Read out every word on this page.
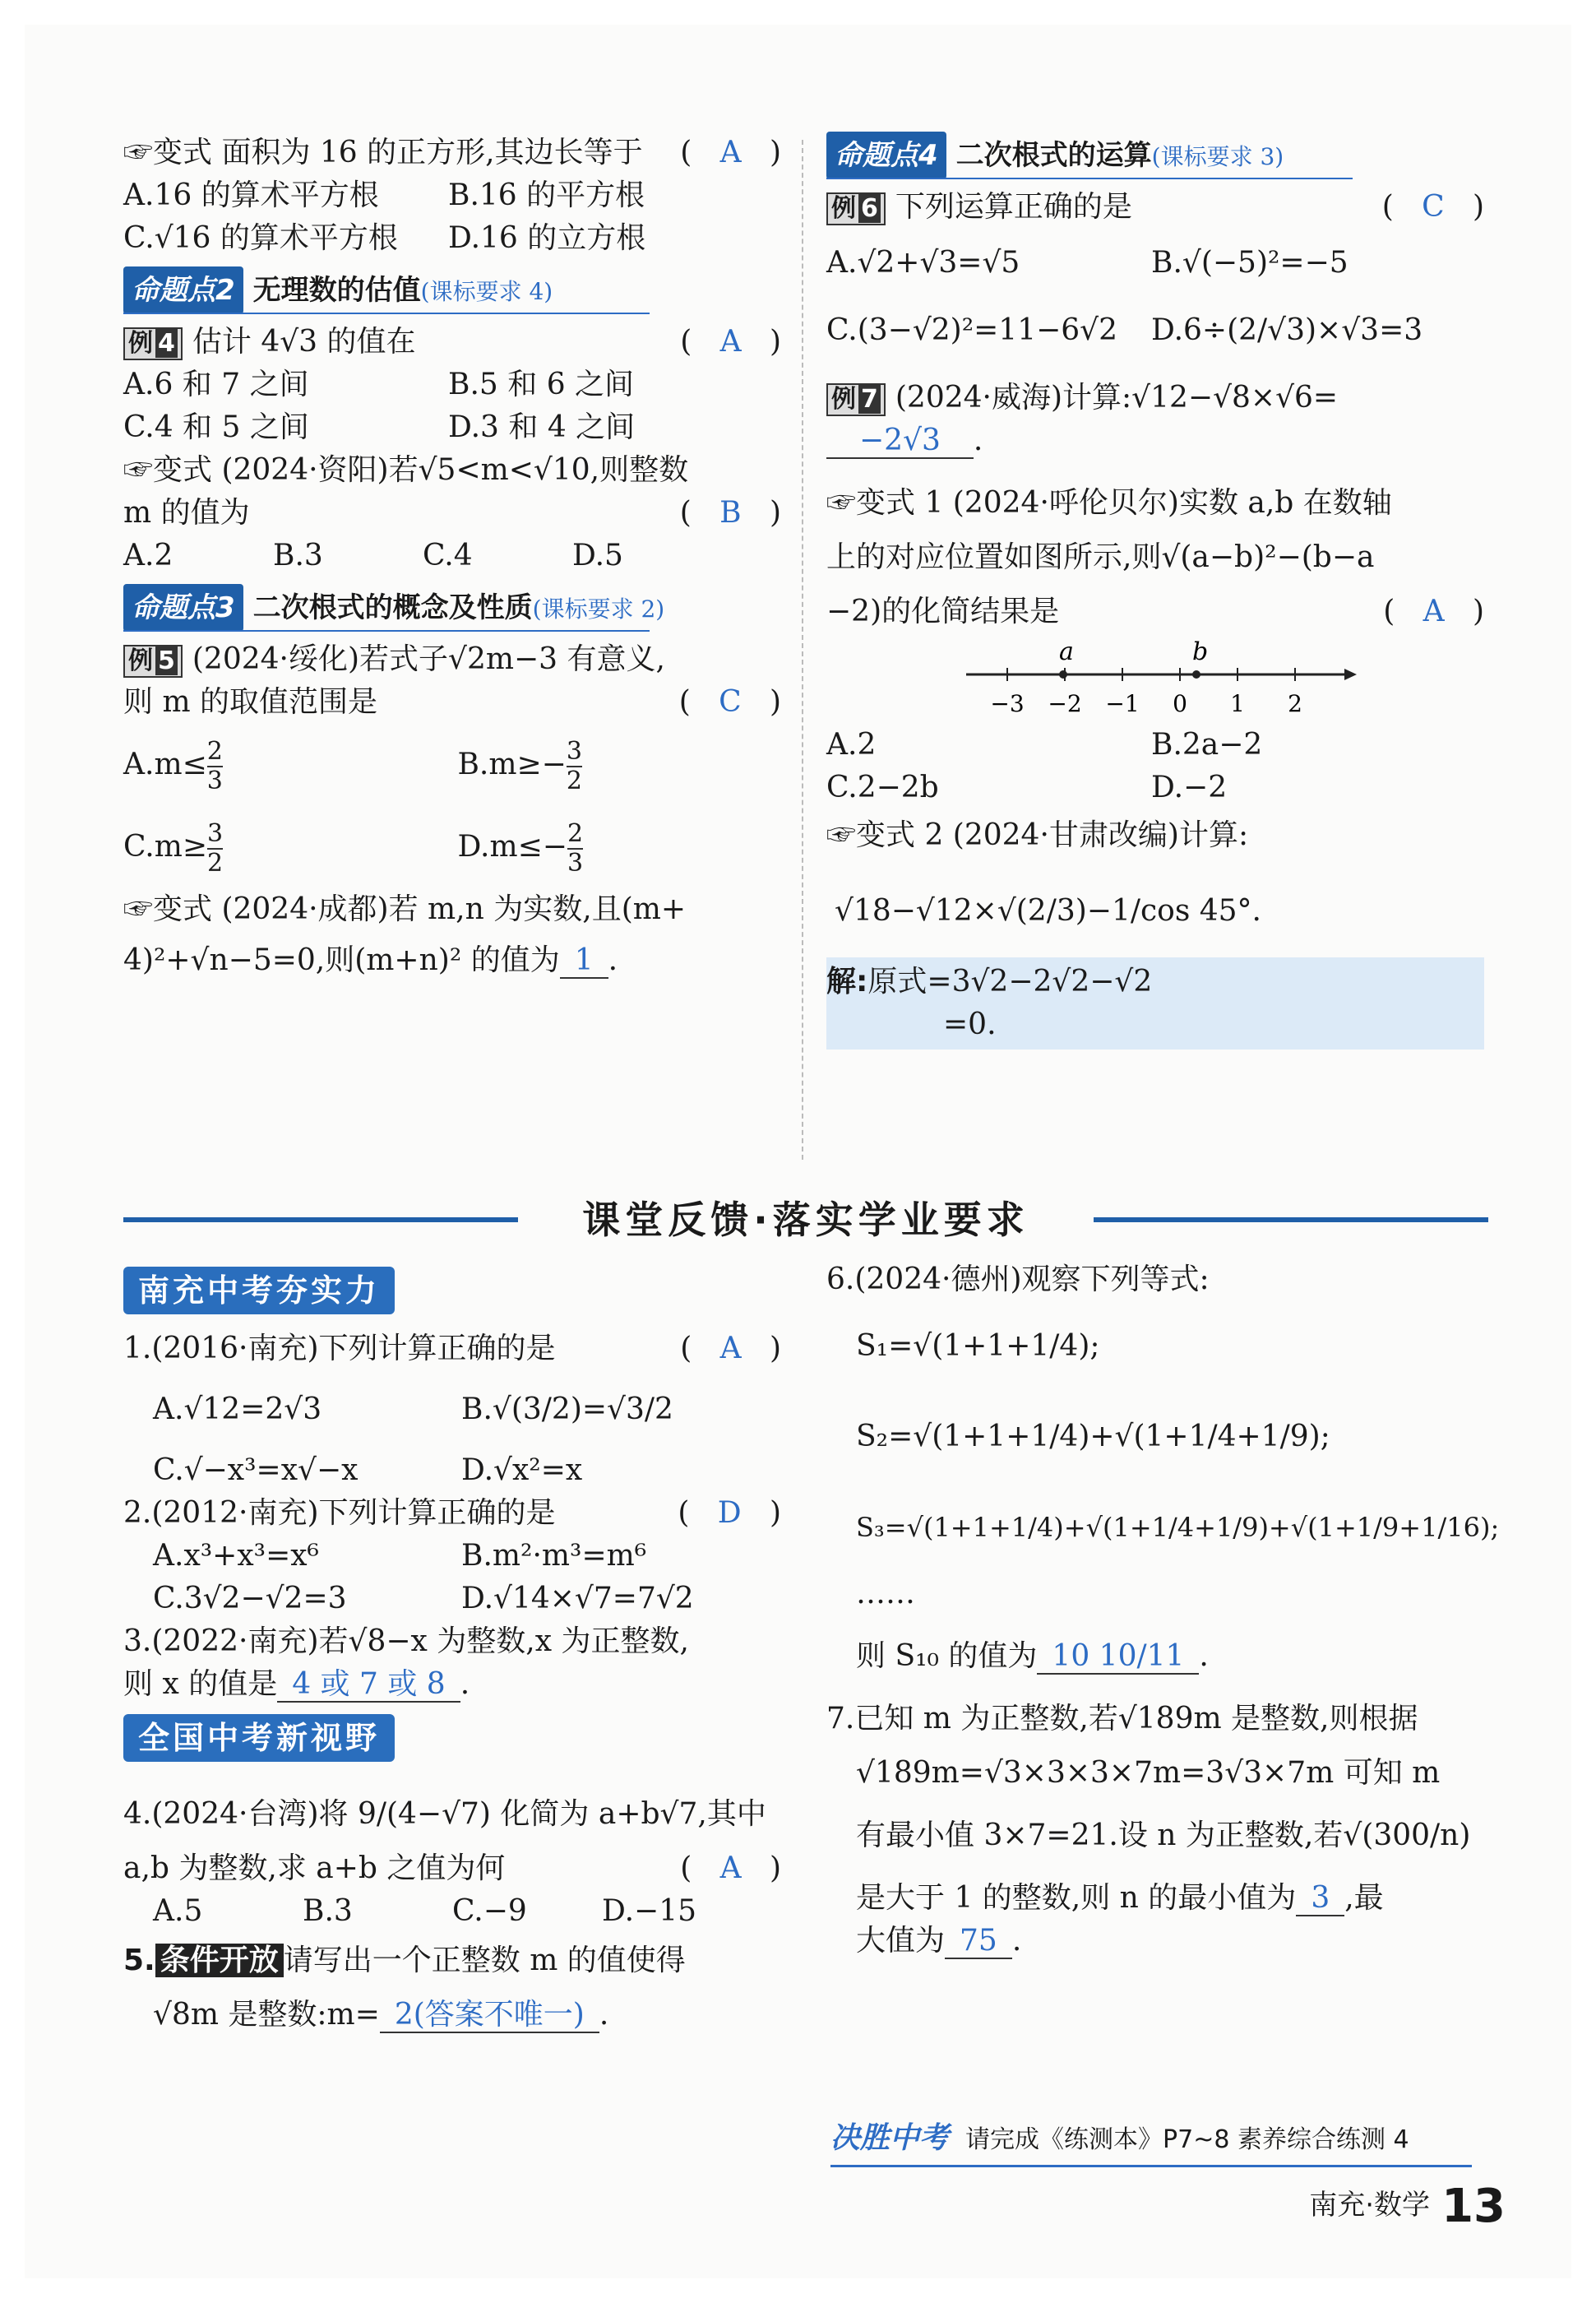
☞变式 面积为 16 的正方形,其边长等于	(   A   )
A.16 的算术平方根 B.16 的平方根
C.√16 的算术平方根 D.16 的立方根
命题点2 无理数的估值(课标要求 4)
例 4 估计 4√3 的值在	(   A   )
A.6 和 7 之间	B.5 和 6 之间
C.4 和 5 之间	D.3 和 4 之间
☞变式 (2024·资阳)若√5<m<√10,则整数
m 的值为	(   B   )
A.2	B.3	C.4	D.5
命题点3 二次根式的概念及性质(课标要求 2)
例 5 (2024·绥化)若式子√2m−3 有意义,
则 m 的取值范围是	(   C   )
$A.m\le \frac{2}{3}$	$B.m\ge- \frac{3}{2}$
$C.m\ge \frac{3}{2}$	$D.m\le- \frac{2}{3}$
☞变式 (2024·成都)若 m,n 为实数,且(m+
4)²+√n−5=0,则(m+n)² 的值为 1 .
命题点4 二次根式的运算(课标要求 3)
例 6 下列运算正确的是	(   C   )
A.√2+√3=√5	B.√(−5)²=−5
C.(3−√2)²=11−6√2 D.6÷(2/√3)×√3=3
例 7 (2024·威海)计算:√12−√8×√6=
−2√3 .
☞变式 1 (2024·呼伦贝尔)实数 a,b 在数轴
上的对应位置如图所示,则√(a−b)²−(b−a
−2)的化简结果是	(   A   )
−3 −2 −1 0 1 2
a	b
A.2	B.2a−2
C.2−2b	D.−2
☞变式 2 (2024·甘肃改编)计算:
√18−√12×√(2/3)−1/cos 45°.
解:原式=3√2−2√2−√2
=0.
课堂反馈·落实学业要求
南充中考夯实力
1.(2016·南充)下列计算正确的是	(   A   )
A.√12=2√3	B.√(3/2)=√3/2
C.√−x³=x√−x	D.√x²=x
2.(2012·南充)下列计算正确的是	(   D   )
A.x³+x³=x⁶	B.m²·m³=m⁶
C.3√2−√2=3	D.√14×√7=7√2
3.(2022·南充)若√8−x 为整数,x 为正整数,
则 x 的值是 4 或 7 或 8 .
全国中考新视野
4.(2024·台湾)将 9/(4−√7) 化简为 a+b√7,其中
a,b 为整数,求 a+b 之值为何	(   A   )
A.5	B.3	C.−9	D.−15
5. 条件开放 请写出一个正整数 m 的值使得
√8m 是整数:m= 2(答案不唯一) .
6.(2024·德州)观察下列等式:
S₁=√(1+1+1/4);
S₂=√(1+1+1/4)+√(1+1/4+1/9);
S₃=√(1+1+1/4)+√(1+1/4+1/9)+√(1+1/9+1/16);
……
则 S₁₀ 的值为 10 10/11 .
7.已知 m 为正整数,若√189m 是整数,则根据
√189m=√3×3×3×7m=3√3×7m 可知 m
有最小值 3×7=21.设 n 为正整数,若√(300/n)
是大于 1 的整数,则 n 的最小值为 3 ,最
大值为 75 .
决胜中考 请完成《练测本》P7~8 素养综合练测 4
南充·数学 13
